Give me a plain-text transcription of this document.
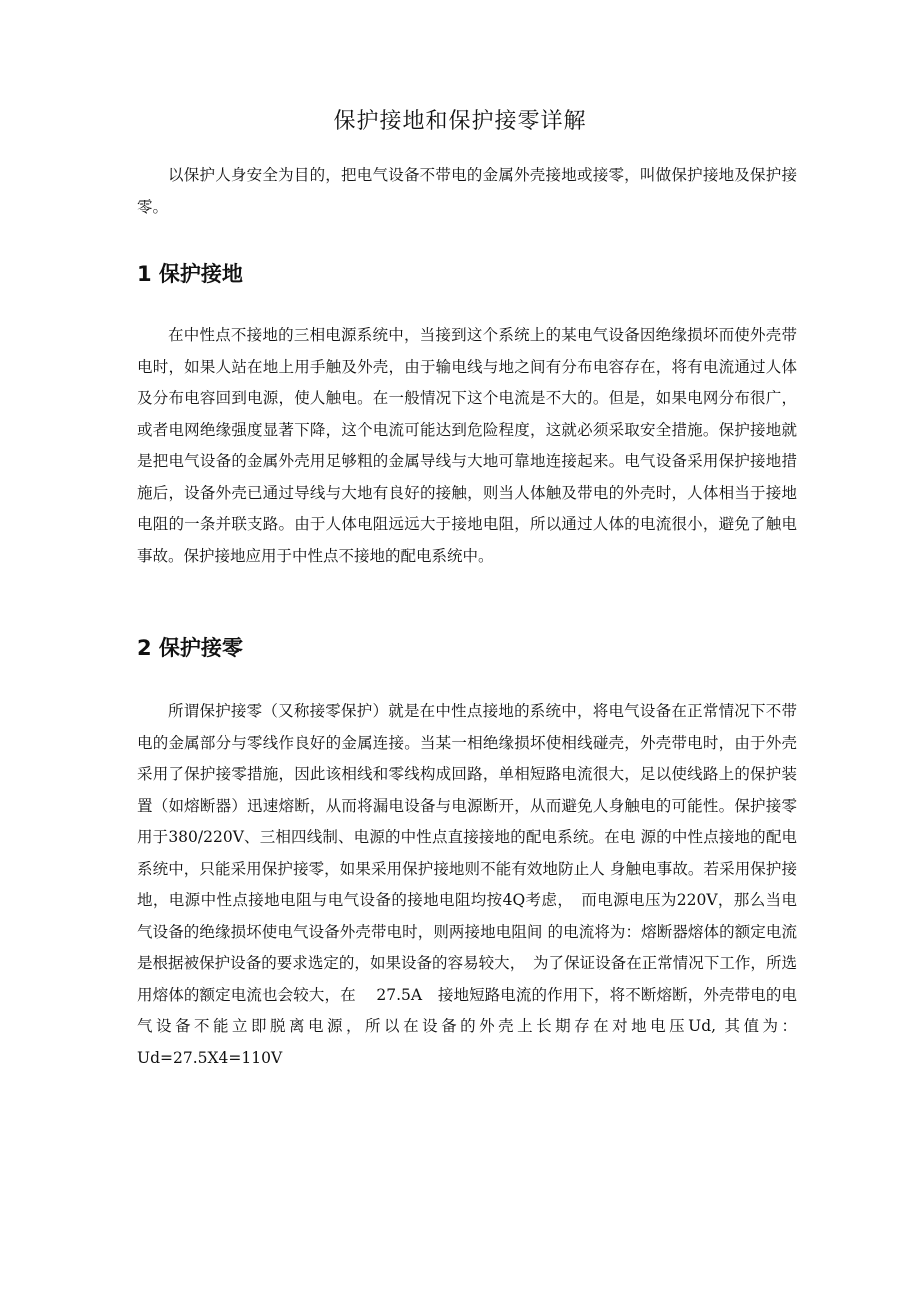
保护接地和保护接零详解

以保护人身安全为目的，把电气设备不带电的金属外壳接地或接零，叫做保护接地及保护接零。

1 保护接地

在中性点不接地的三相电源系统中，当接到这个系统上的某电气设备因绝缘损坏而使外壳带电时，如果人站在地上用手触及外壳，由于输电线与地之间有分布电容存在，将有电流通过人体及分布电容回到电源，使人触电。在一般情况下这个电流是不大的。但是，如果电网分布很广，或者电网绝缘强度显著下降，这个电流可能达到危险程度，这就必须采取安全措施。保护接地就是把电气设备的金属外壳用足够粗的金属导线与大地可靠地连接起来。电气设备采用保护接地措施后，设备外壳已通过导线与大地有良好的接触，则当人体触及带电的外壳时，人体相当于接地电阻的一条并联支路。由于人体电阻远远大于接地电阻，所以通过人体的电流很小，避免了触电事故。保护接地应用于中性点不接地的配电系统中。

2 保护接零

所谓保护接零（又称接零保护）就是在中性点接地的系统中，将电气设备在正常情况下不带电的金属部分与零线作良好的金属连接。当某一相绝缘损坏使相线碰壳，外壳带电时，由于外壳采用了保护接零措施，因此该相线和零线构成回路，单相短路电流很大，足以使线路上的保护装置（如熔断器）迅速熔断，从而将漏电设备与电源断开，从而避免人身触电的可能性。保护接零用于380/220V、三相四线制、电源的中性点直接接地的配电系统。在电 源的中性点接地的配电系统中，只能采用保护接零，如果采用保护接地则不能有效地防止人 身触电事故。若采用保护接地，电源中性点接地电阻与电气设备的接地电阻均按4Q考虑，　而电源电压为220V，那么当电气设备的绝缘损坏使电气设备外壳带电时，则两接地电阻间 的电流将为：熔断器熔体的额定电流是根据被保护设备的要求选定的，如果设备的容易较大，　为了保证设备在正常情况下工作，所选用熔体的额定电流也会较大，在　 27.5A　接地短路电流的作用下，将不断熔断，外壳带电的电气设备不能立即脱离电源，所以在设备的外壳上长期存在对地电压Ud, 其值为：Ud=27.5X4=110V
